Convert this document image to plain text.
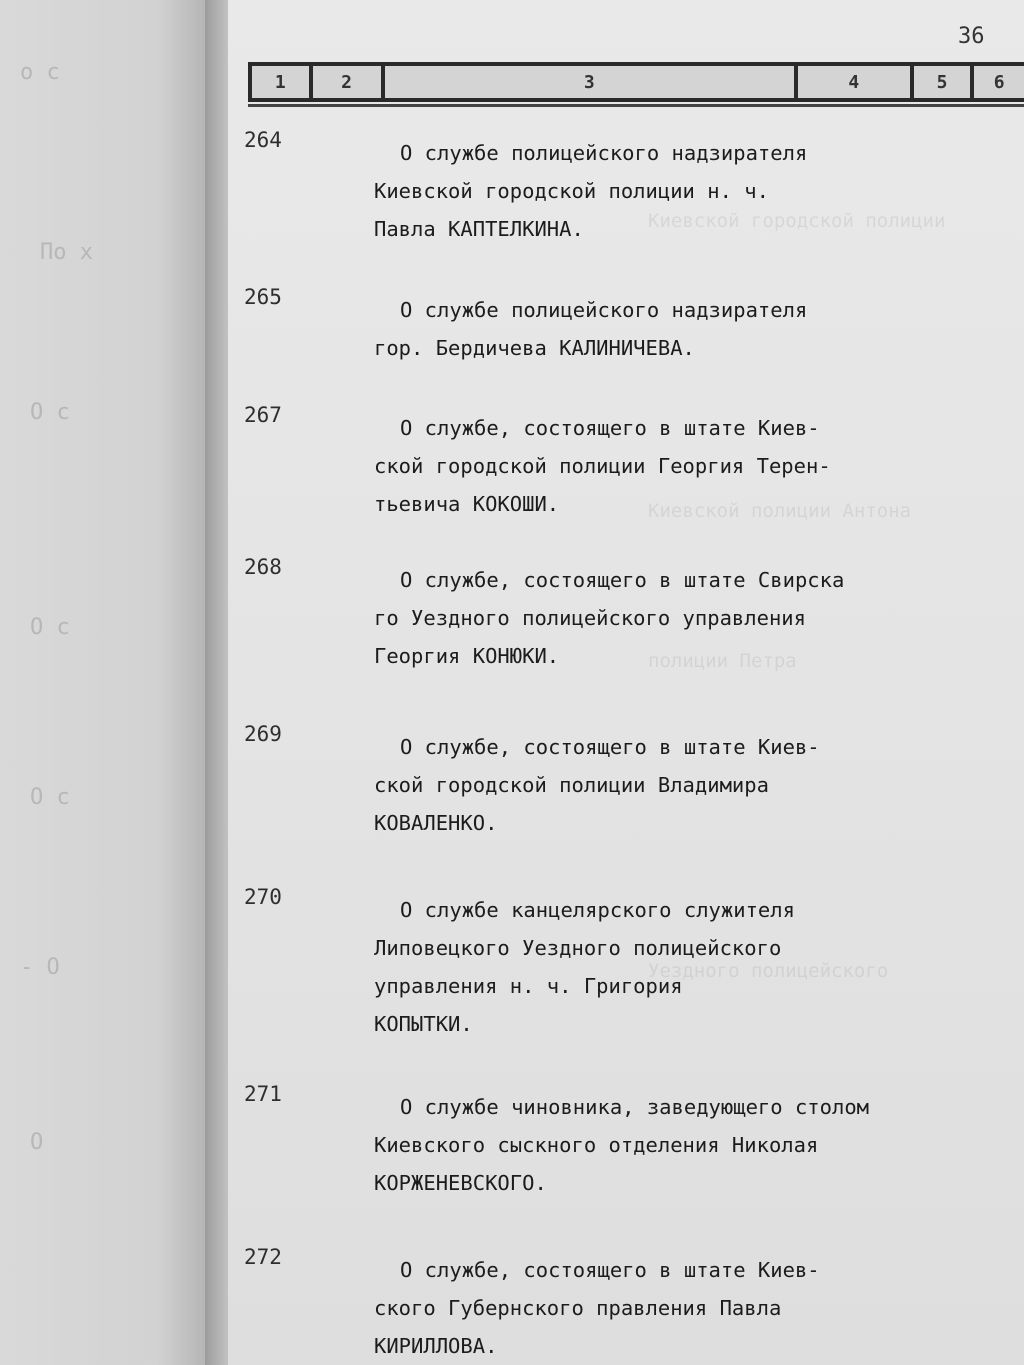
о с
По х
О с
О с
О с
- О
О
Киевской городской полиции
Киевской полиции Антона
полиции Петра
Уездного полицейского
36
1	2	3	4	5	6
264
О службе полицейского надзирателя
Киевской городской полиции н. ч.
Павла КАПТЕЛКИНА.
265
О службе полицейского надзирателя
гор. Бердичева КАЛИНИЧЕВА.
267
О службе, состоящего в штате Киев-
ской городской полиции Георгия Терен-
тьевича КОКОШИ.
268
О службе, состоящего в штате Свирска
го Уездного полицейского управления
Георгия КОНЮКИ.
269
О службе, состоящего в штате Киев-
ской городской полиции Владимира
КОВАЛЕНКО.
270
О службе канцелярского служителя
Липовецкого Уездного полицейского
управления н. ч. Григория
КОПЫТКИ.
271
О службе чиновника, заведующего столом
Киевского сыскного отделения Николая
КОРЖЕНЕВСКОГО.
272
О службе, состоящего в штате Киев-
ского Губернского правления Павла
КИРИЛЛОВА.
